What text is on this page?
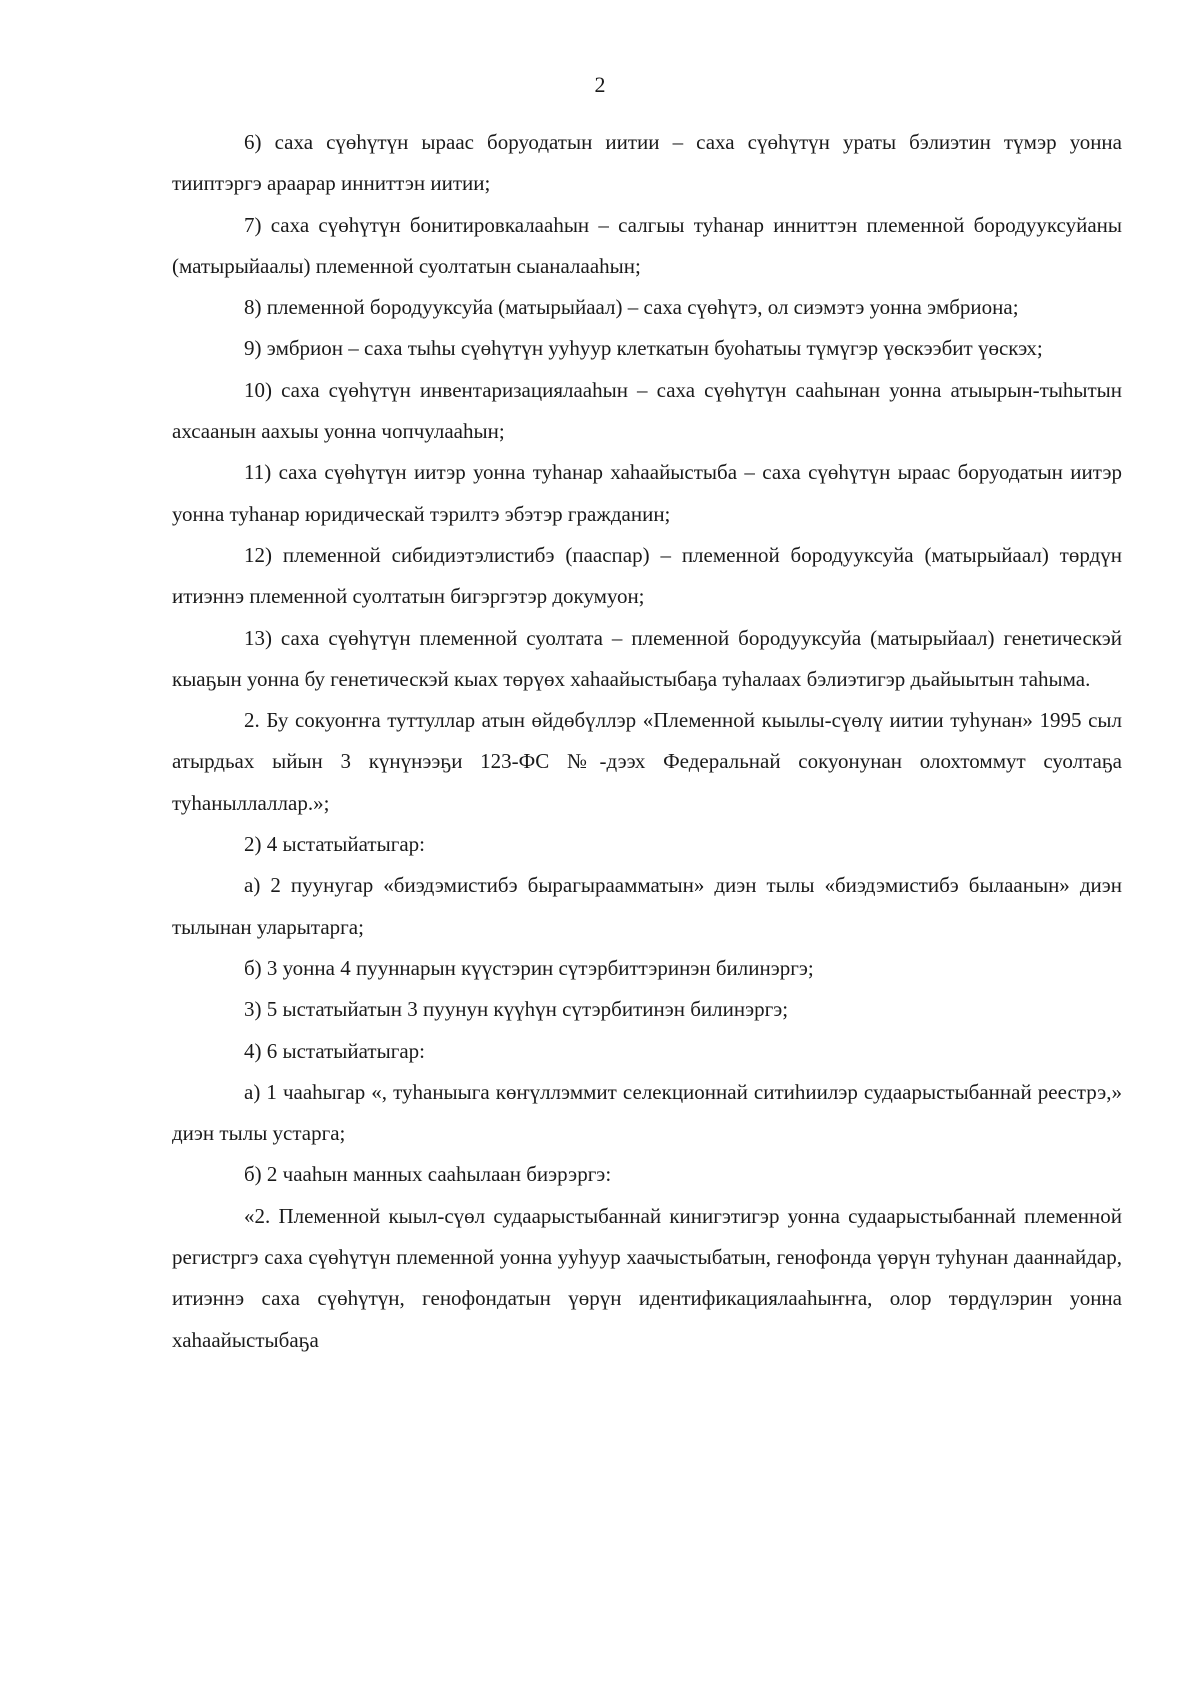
2

6) саха сүөһүтүн ыраас боруодатын иитии – саха сүөһүтүн ураты бэлиэтин түмэр уонна тииптэргэ араарар инниттэн иитии;

7) саха сүөһүтүн бонитировкалааһын – салгыы туһанар инниттэн племенной бородууксуйаны (матырыйаалы) племенной суолтатын сыаналааһын;

8) племенной бородууксуйа (матырыйаал) – саха сүөһүтэ, ол сиэмэтэ уонна эмбриона;

9) эмбрион – саха тыһы сүөһүтүн ууһуур клеткатын буоһатыы түмүгэр үөскээбит үөскэх;

10) саха сүөһүтүн инвентаризациялааһын – саха сүөһүтүн сааһынан уонна атыырын-тыһытын ахсаанын аахыы уонна чопчулааһын;

11) саха сүөһүтүн иитэр уонна туһанар хаһаайыстыба – саха сүөһүтүн ыраас боруодатын иитэр уонна туһанар юридическай тэрилтэ эбэтэр гражданин;

12) племенной сибидиэтэлистибэ (пааспар) – племенной бородууксуйа (матырыйаал) төрдүн итиэннэ племенной суолтатын бигэргэтэр докумуон;

13) саха сүөһүтүн племенной суолтата – племенной бородууксуйа (матырыйаал) генетическэй кыаҕын уонна бу генетическэй кыах төрүөх хаһаайыстыбаҕа туһалаах бэлиэтигэр дьайыытын таһыма.

2. Бу сокуоҥҥа туттуллар атын өйдөбүллэр «Племенной кыылы-сүөлү иитии туһунан» 1995 сыл атырдьах ыйын 3 күнүнээҕи 123-ФС №-дээх Федеральнай сокуонунан олохтоммут суолтаҕа туһаныллаллар.»;

2) 4 ыстатыйатыгар:

а) 2 пуунугар «биэдэмистибэ бырагыраамматын» диэн тылы «биэдэмистибэ былаанын» диэн тылынан уларытарга;

б) 3 уонна 4 пууннарын күүстэрин сүтэрбиттэринэн билинэргэ;

3) 5 ыстатыйатын 3 пуунун күүһүн сүтэрбитинэн билинэргэ;

4) 6 ыстатыйатыгар:

а) 1 чааһыгар «, туһаныыга көҥүллэммит селекционнай ситиһиилэр судаарыстыбаннай реестрэ,» диэн тылы устарга;

б) 2 чааһын манных сааһылаан биэрэргэ:

«2. Племенной кыыл-сүөл судаарыстыбаннай кинигэтигэр уонна судаарыстыбаннай племенной регистргэ саха сүөһүтүн племенной уонна ууһуур хаачыстыбатын, генофонда үөрүн туһунан дааннайдар, итиэннэ саха сүөһүтүн, генофондатын үөрүн идентификациялааһыҥҥа, олор төрдүлэрин уонна хаһаайыстыбаҕа
